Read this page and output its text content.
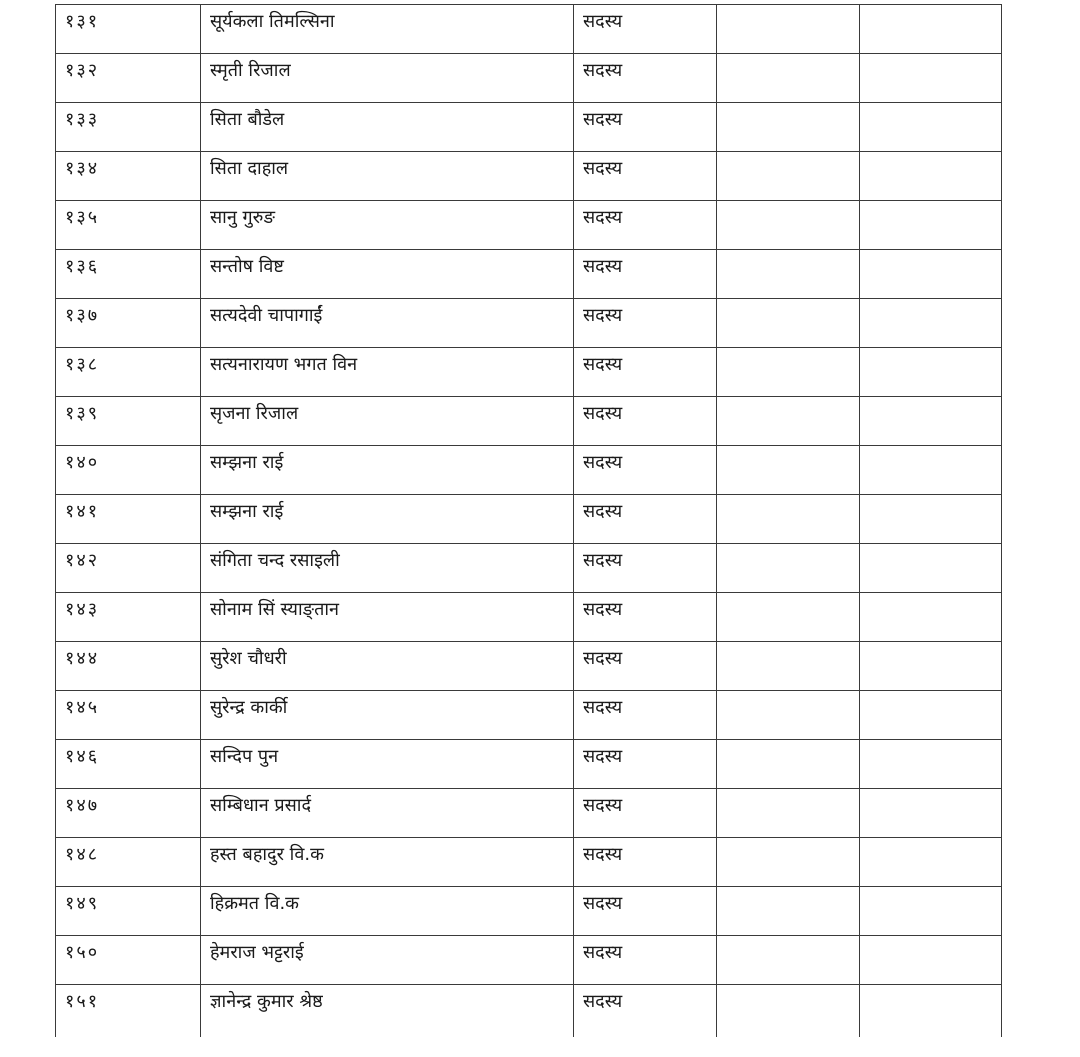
१३१	सूर्यकला तिमल्सिना	सदस्य		
१३२	स्मृती रिजाल	सदस्य		
१३३	सिता बौडेल	सदस्य		
१३४	सिता दाहाल	सदस्य		
१३५	सानु गुरुङ	सदस्य		
१३६	सन्तोष विष्ट	सदस्य		
१३७	सत्यदेवी चापागाईं	सदस्य		
१३८	सत्यनारायण भगत विन	सदस्य		
१३९	सृजना रिजाल	सदस्य		
१४०	सम्झना राई	सदस्य		
१४१	सम्झना राई	सदस्य		
१४२	संगिता चन्द रसाइली	सदस्य		
१४३	सोनाम सिं स्याङ्तान	सदस्य		
१४४	सुरेश चौधरी	सदस्य		
१४५	सुरेन्द्र कार्की	सदस्य		
१४६	सन्दिप पुन	सदस्य		
१४७	सम्बिधान प्रसार्द	सदस्य		
१४८	हस्त बहादुर वि.क	सदस्य		
१४९	हिक्रमत वि.क	सदस्य		
१५०	हेमराज भट्टराई	सदस्य		
१५१	ज्ञानेन्द्र कुमार श्रेष्ठ	सदस्य		
